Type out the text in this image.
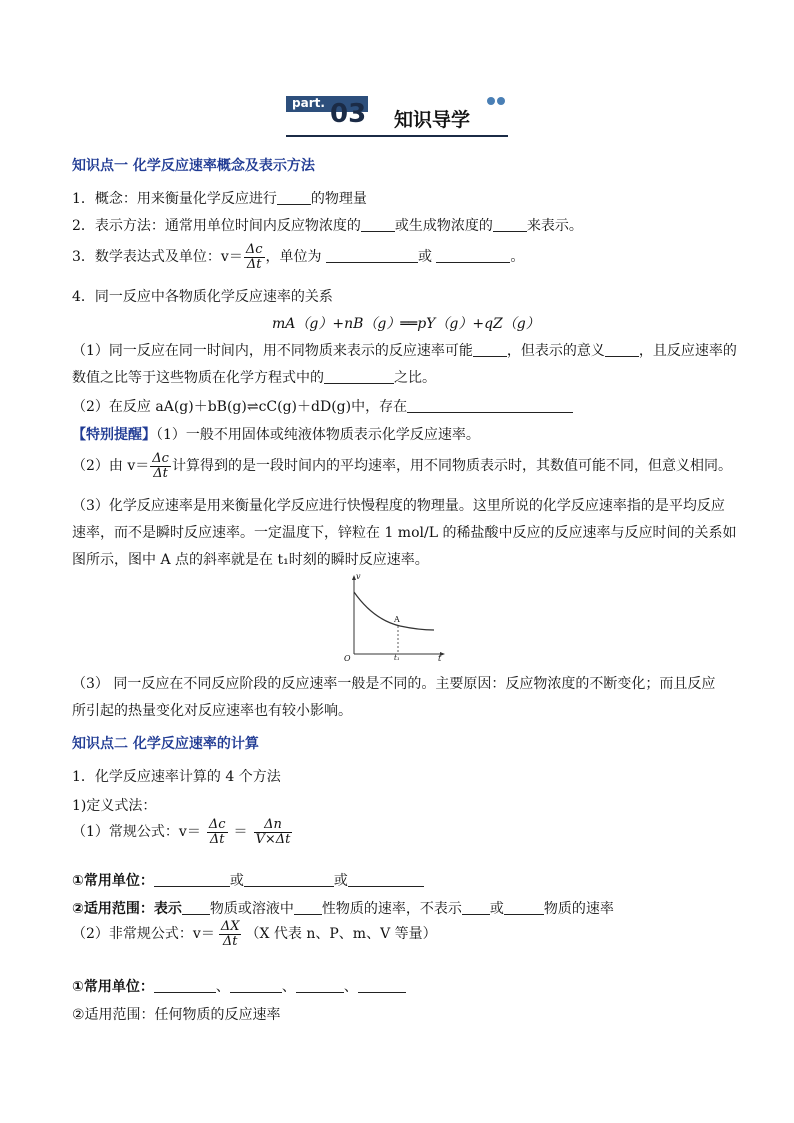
part. 03 知识导学
知识点一 化学反应速率概念及表示方法
1．概念：用来衡量化学反应进行 的物理量
2．表示方法：通常用单位时间内反应物浓度的 或生成物浓度的 来表示。
3．数学表达式及单位：$v= \frac{\Delta c}{\Delta t}$ ，单位为	或	。
4．同一反应中各物质化学反应速率的关系
mA（g）+nB（g）══pY（g）+qZ（g）
（1）同一反应在同一时间内，用不同物质来表示的反应速率可能 ，但表示的意义 ，且反应速率的
数值之比等于这些物质在化学方程式中的	之比。
（2）在反应 aA(g)＋bB(g)⇌cC(g)＋dD(g)中，存在
【特别提醒】（1）一般不用固体或纯液体物质表示化学反应速率。
（2）由 $v= \frac{\Delta c}{\Delta t}$ 计算得到的是一段时间内的平均速率，用不同物质表示时，其数值可能不同，但意义相同。
（3）化学反应速率是用来衡量化学反应进行快慢程度的物理量。这里所说的化学反应速率指的是平均反应
速率，而不是瞬时反应速率。一定温度下，锌粒在 1 mol/L 的稀盐酸中反应的反应速率与反应时间的关系如
图所示，图中 A 点的斜率就是在 t₁时刻的瞬时反应速率。
v
t
O
A
t₁
（3） 同一反应在不同反应阶段的反应速率一般是不同的。主要原因：反应物浓度的不断变化；而且反应
所引起的热量变化对反应速率也有较小影响。
知识点二 化学反应速率的计算
1．化学反应速率计算的 4 个方法
1)定义式法：
（1）常规公式：$v= \frac{\Delta c}{\Delta t} = \frac{\Delta n}{V\times\Delta t}$
①常用单位：	或	或
②适用范围：表示 物质或溶液中 性物质的速率，不表示 或	物质的速率
（2）非常规公式：$v= \frac{\Delta X}{\Delta t} (X$ 代表 n、P、m、V 等量）
①常用单位：	、	、	、
②适用范围：任何物质的反应速率
